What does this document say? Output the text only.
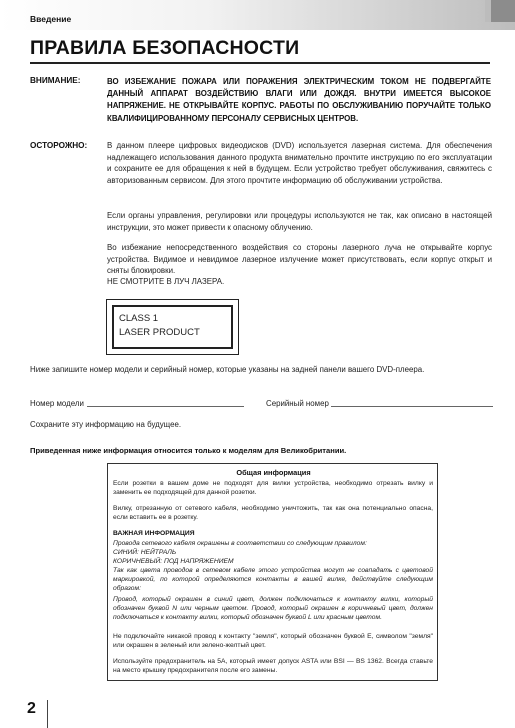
Введение
ПРАВИЛА БЕЗОПАСНОСТИ
ВНИМАНИЕ:	ВО ИЗБЕЖАНИЕ ПОЖАРА ИЛИ ПОРАЖЕНИЯ ЭЛЕКТРИЧЕСКИМ ТОКОМ НЕ ПОДВЕРГАЙТЕ ДАННЫЙ АППАРАТ ВОЗДЕЙСТВИЮ ВЛАГИ ИЛИ ДОЖДЯ. ВНУТРИ ИМЕЕТСЯ ВЫСОКОЕ НАПРЯЖЕНИЕ. НЕ ОТКРЫВАЙТЕ КОРПУС. РАБОТЫ ПО ОБСЛУЖИВАНИЮ ПОРУЧАЙТЕ ТОЛЬКО КВАЛИФИЦИРОВАННОМУ ПЕРСОНАЛУ СЕРВИСНЫХ ЦЕНТРОВ.
ОСТОРОЖНО: В данном плеере цифровых видеодисков (DVD) используется лазерная система. Для обеспечения надлежащего использования данного продукта внимательно прочтите инструкцию по его эксплуатации и сохраните ее для обращения к ней в будущем. Если устройство требует обслуживания, свяжитесь с авторизованным сервисом. Для этого прочтите информацию об обслуживании устройства.
Если органы управления, регулировки или процедуры используются не так, как описано в настоящей инструкции, это может привести к опасному облучению.
Во избежание непосредственного воздействия со стороны лазерного луча не открывайте корпус устройства. Видимое и невидимое лазерное излучение может присутствовать, если корпус открыт и сняты блокировки.
НЕ СМОТРИТЕ В ЛУЧ ЛАЗЕРА.
CLASS 1
LASER PRODUCT
Ниже запишите номер модели и серийный номер, которые указаны на задней панели вашего DVD-плеера.
Номер модели	Серийный номер
Сохраните эту информацию на будущее.
Приведенная ниже информация относится только к моделям для Великобритании.
Общая информация
Если розетки в вашем доме не подходят для вилки устройства, необходимо отрезать вилку и заменить ее подходящей для данной розетки.
Вилку, отрезанную от сетевого кабеля, необходимо уничтожить, так как она потенциально опасна, если вставить ее в розетку.
ВАЖНАЯ ИНФОРМАЦИЯ
Провода сетевого кабеля окрашены в соответствии со следующим правилом:
СИНИЙ: НЕЙТРАЛЬ
КОРИЧНЕВЫЙ: ПОД НАПРЯЖЕНИЕМ
Так как цвета проводов в сетевом кабеле этого устройства могут не совпадать с цветовой маркировкой, по которой определяются контакты в вашей вилке, действуйте следующим образом:
Провод, который окрашен в синий цвет, должен подключаться к контакту вилки, который обозначен буквой N или черным цветом. Провод, который окрашен в коричневый цвет, должен подключаться к контакту вилки, который обозначен буквой L или красным цветом.
Не подключайте никакой провод к контакту "земля", который обозначен буквой E, символом "земля" или окрашен в зеленый или зелено-желтый цвет.
Используйте предохранитель на 5A, который имеет допуск ASTA или BSI — BS 1362. Всегда ставьте на место крышку предохранителя после его замены.
2
